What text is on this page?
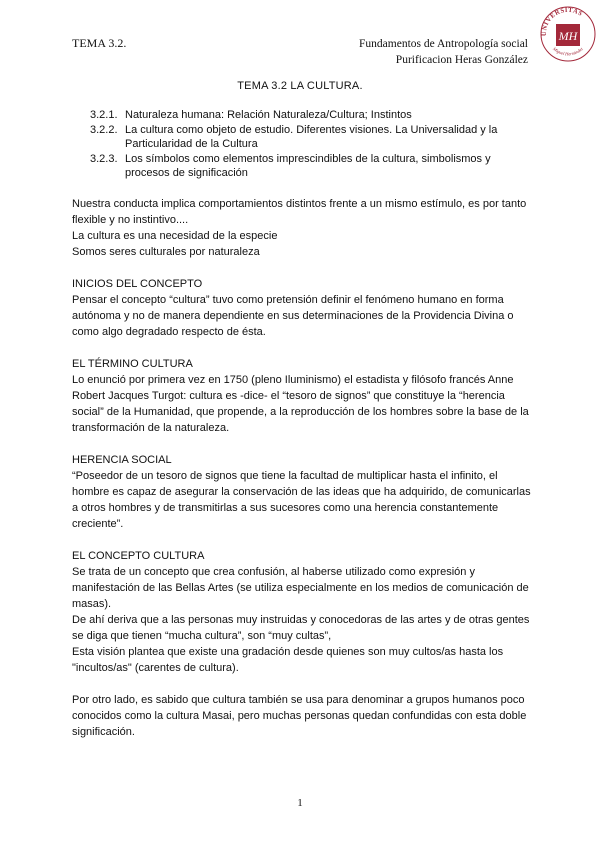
TEMA 3.2.	Fundamentos de Antropología social
Purificacion Heras González
UNIVERSITAS
MH
Miguel Hernández
TEMA 3.2 LA CULTURA.
3.2.1. Naturaleza humana: Relación Naturaleza/Cultura; Instintos
3.2.2. La cultura como objeto de estudio. Diferentes visiones. La Universalidad y la Particularidad de la Cultura
3.2.3. Los símbolos como elementos imprescindibles de la cultura, simbolismos y procesos de significación

Nuestra conducta implica comportamientos distintos frente a un mismo estímulo, es por tanto flexible y no instintivo....
La cultura es una necesidad de la especie
Somos seres culturales por naturaleza

INICIOS DEL CONCEPTO
Pensar el concepto “cultura” tuvo como pretensión definir el fenómeno humano en forma autónoma y no de manera dependiente en sus determinaciones de la Providencia Divina o como algo degradado respecto de ésta.

EL TÉRMINO CULTURA
Lo enunció por primera vez en 1750 (pleno Iluminismo) el estadista y filósofo francés Anne Robert Jacques Turgot: cultura es -dice- el “tesoro de signos” que constituye la “herencia social” de la Humanidad, que propende, a la reproducción de los hombres sobre la base de la transformación de la naturaleza.

HERENCIA SOCIAL
“Poseedor de un tesoro de signos que tiene la facultad de multiplicar hasta el infinito, el hombre es capaz de asegurar la conservación de las ideas que ha adquirido, de comunicarlas a otros hombres y de transmitirlas a sus sucesores como una herencia constantemente creciente”.

EL CONCEPTO CULTURA
Se trata de un concepto que crea confusión, al haberse utilizado como expresión y manifestación de las Bellas Artes (se utiliza especialmente en los medios de comunicación de masas).
De ahí deriva que a las personas muy instruidas y conocedoras de las artes y de otras gentes se diga que tienen “mucha cultura”, son “muy cultas”,
Esta visión plantea que existe una gradación desde quienes son muy cultos/as hasta los "incultos/as" (carentes de cultura).

Por otro lado, es sabido que cultura también se usa para denominar a grupos humanos poco conocidos como la cultura Masai, pero muchas personas quedan confundidas con esta doble significación.

1
